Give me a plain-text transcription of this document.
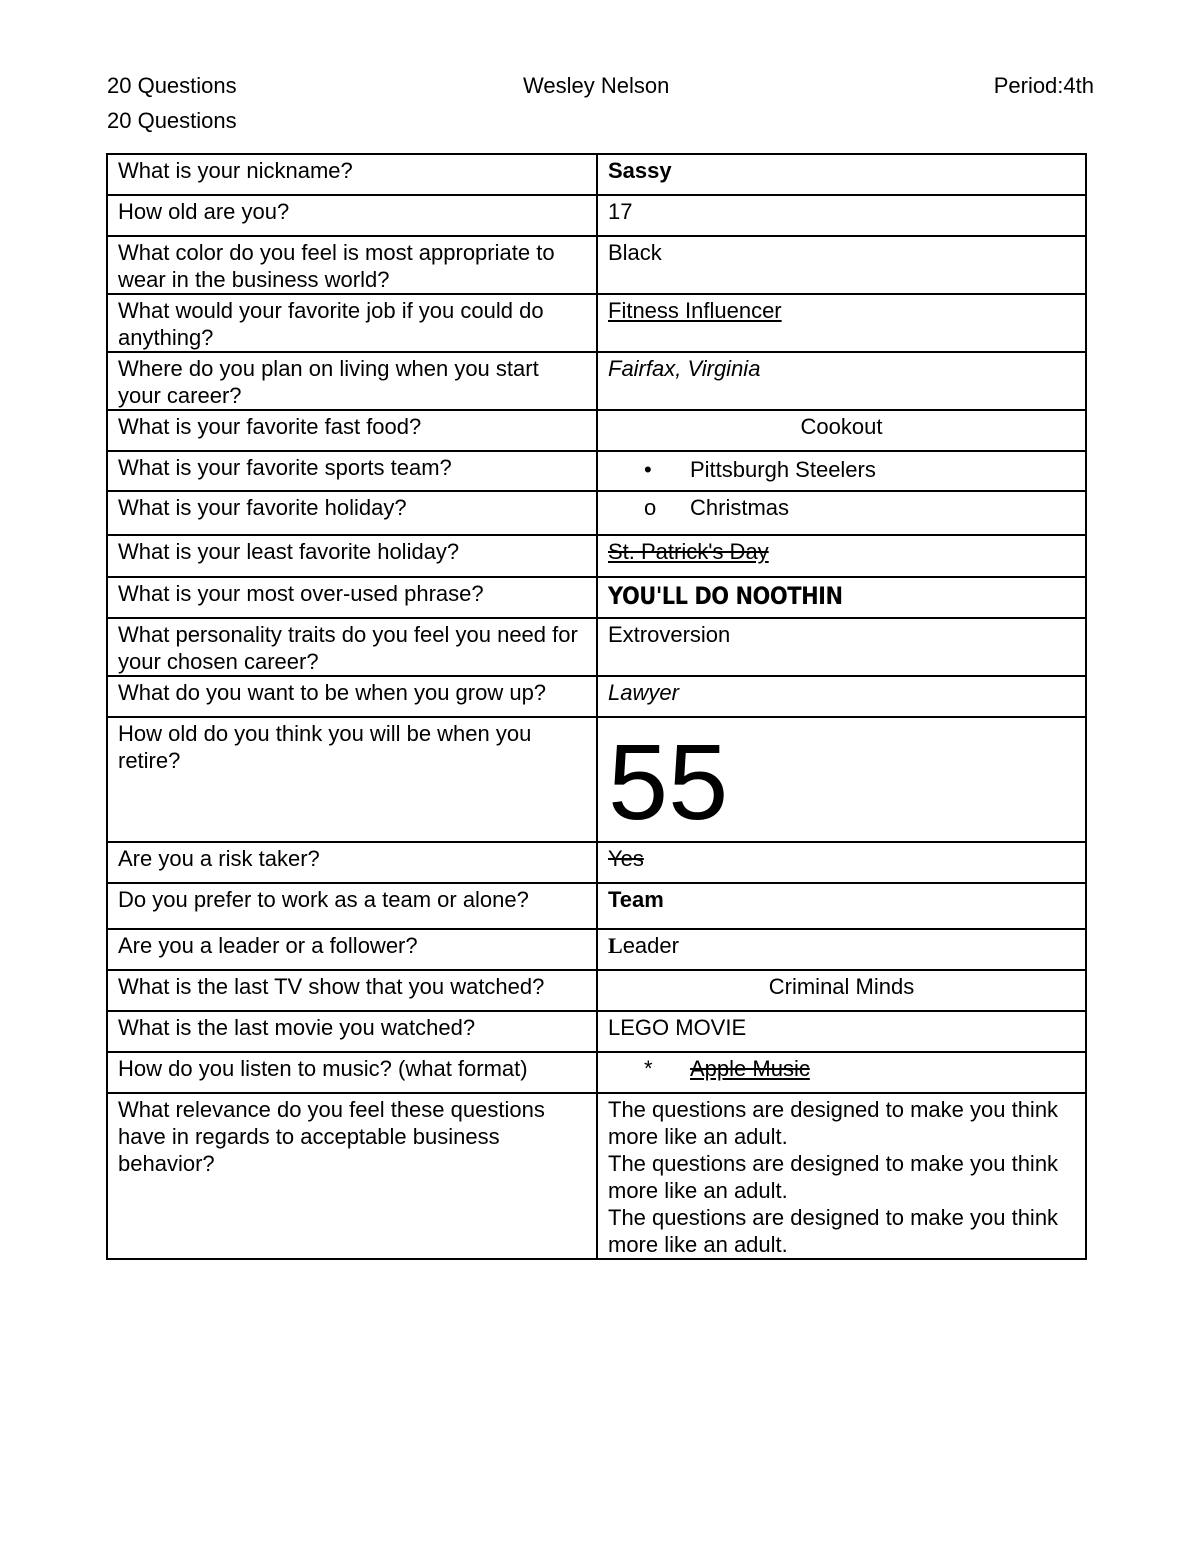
20 Questions	Wesley Nelson	Period:4th
20 Questions
What is your nickname?	Sassy
How old are you?	17
What color do you feel is most appropriate to wear in the business world?	Black
What would your favorite job if you could do anything?	Fitness Influencer
Where do you plan on living when you start your career?	Fairfax, Virginia
What is your favorite fast food?	Cookout
What is your favorite sports team?	• Pittsburgh Steelers
What is your favorite holiday?	o Christmas
What is your least favorite holiday?	St. Patrick's Day
What is your most over-used phrase?	YOU'LL DO NOOTHIN
What personality traits do you feel you need for your chosen career?	Extroversion
What do you want to be when you grow up?	Lawyer
How old do you think you will be when you retire?	55

Are you a risk taker?	Yes
Do you prefer to work as a team or alone?	Team
Are you a leader or a follower?	Leader
What is the last TV show that you watched?	Criminal Minds
What is the last movie you watched?	LEGO MOVIE
How do you listen to music? (what format)	* Apple Music
What relevance do you feel these questions have in regards to acceptable business behavior?	The questions are designed to make you think more like an adult.
The questions are designed to make you think more like an adult.
The questions are designed to make you think more like an adult.
